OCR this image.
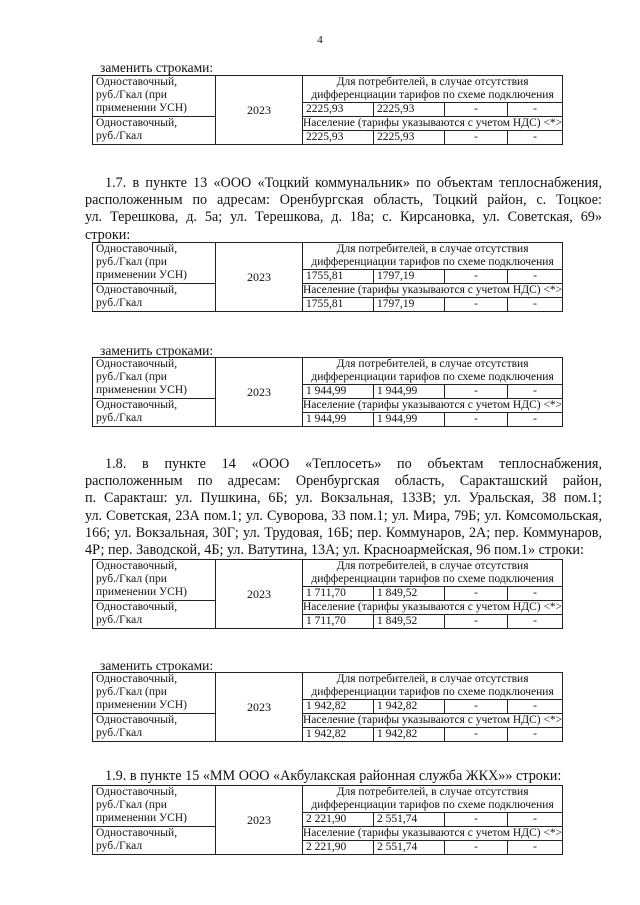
4
заменить строками:
Одноставочный,
руб./Гкал (при
применении УСН)	2023	
Для потребителей, в случае отсутствия
дифференциации тарифов по схеме подключения
2225,93	2225,93	-	-

Одноставочный,
руб./Гкал	
Население (тарифы указываются с учетом НДС) <*>
2225,93	2225,93	-	-
1.7. в пункте 13 «ООО «Тоцкий коммунальник» по объектам теплоснабжения,
расположенным по адресам: Оренбургская область, Тоцкий район, с. Тоцкое:
ул. Терешкова, д. 5а; ул. Терешкова, д. 18а; с. Кирсановка, ул. Советская, 69»
строки:
Одноставочный,
руб./Гкал (при
применении УСН)	2023	
Для потребителей, в случае отсутствия
дифференциации тарифов по схеме подключения
1755,81	1797,19	-	-

Одноставочный,
руб./Гкал	
Население (тарифы указываются с учетом НДС) <*>
1755,81	1797,19	-	-
заменить строками:
Одноставочный,
руб./Гкал (при
применении УСН)	2023	
Для потребителей, в случае отсутствия
дифференциации тарифов по схеме подключения
1 944,99	1 944,99	-	-

Одноставочный,
руб./Гкал	
Население (тарифы указываются с учетом НДС) <*>
1 944,99	1 944,99	-	-
1.8. в пункте 14 «ООО «Теплосеть» по объектам теплоснабжения,
расположенным по адресам: Оренбургская область, Саракташский район,
п. Саракташ: ул. Пушкина, 6Б; ул. Вокзальная, 133В; ул. Уральская, 38 пом.1;
ул. Советская, 23А пом.1; ул. Суворова, 33 пом.1; ул. Мира, 79Б; ул. Комсомольская,
166; ул. Вокзальная, 30Г; ул. Трудовая, 16Б; пер. Коммунаров, 2А; пер. Коммунаров,
4Р; пер. Заводской, 4Б; ул. Ватутина, 13А; ул. Красноармейская, 96 пом.1» строки:
Одноставочный,
руб./Гкал (при
применении УСН)	2023	
Для потребителей, в случае отсутствия
дифференциации тарифов по схеме подключения
1 711,70	1 849,52	-	-

Одноставочный,
руб./Гкал	
Население (тарифы указываются с учетом НДС) <*>
1 711,70	1 849,52	-	-
заменить строками:
Одноставочный,
руб./Гкал (при
применении УСН)	2023	
Для потребителей, в случае отсутствия
дифференциации тарифов по схеме подключения
1 942,82	1 942,82	-	-

Одноставочный,
руб./Гкал	
Население (тарифы указываются с учетом НДС) <*>
1 942,82	1 942,82	-	-
1.9. в пункте 15 «ММ ООО «Акбулакская районная служба ЖКХ»» строки:
Одноставочный,
руб./Гкал (при
применении УСН)	2023	
Для потребителей, в случае отсутствия
дифференциации тарифов по схеме подключения
2 221,90	2 551,74	-	-

Одноставочный,
руб./Гкал	
Население (тарифы указываются с учетом НДС) <*>
2 221,90	2 551,74	-	-
